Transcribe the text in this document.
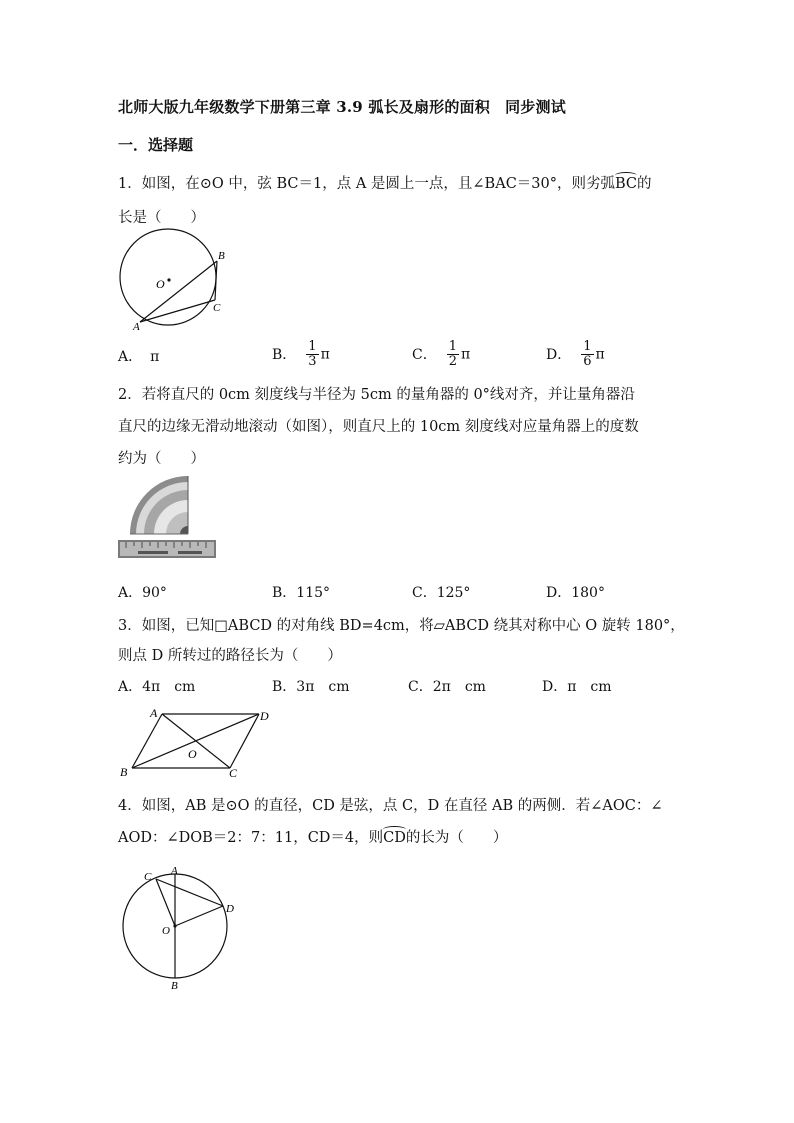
北师大版九年级数学下册第三章 3.9 弧长及扇形的面积　同步测试
一．选择题
1．如图，在⊙O 中，弦 BC＝1，点 A 是圆上一点，且∠BAC＝30°，则劣弧BC的
长是（　　）
O
B
C
A
A． π	B． $\frac{1}{3}$ π	C． $\frac{1}{2}$ π	D． $\frac{1}{6}$ π
2．若将直尺的 0cm 刻度线与半径为 5cm 的量角器的 0°线对齐，并让量角器沿
直尺的边缘无滑动地滚动（如图），则直尺上的 10cm 刻度线对应量角器上的度数
约为（　　）
A．90°	B．115°	C．125°	D．180°
3．如图，已知□ABCD 的对角线 BD=4cm，将▱ABCD 绕其对称中心 O 旋转 180°，
则点 D 所转过的路径长为（　　）
A．4π　cm	B．3π　cm	C．2π　cm	D．π　cm
A	D
B	C
O
4．如图，AB 是⊙O 的直径，CD 是弦，点 C，D 在直径 AB 的两侧．若∠AOC：∠
AOD：∠DOB＝2：7：11，CD＝4，则CD的长为（　　）
C A
D
O
B
